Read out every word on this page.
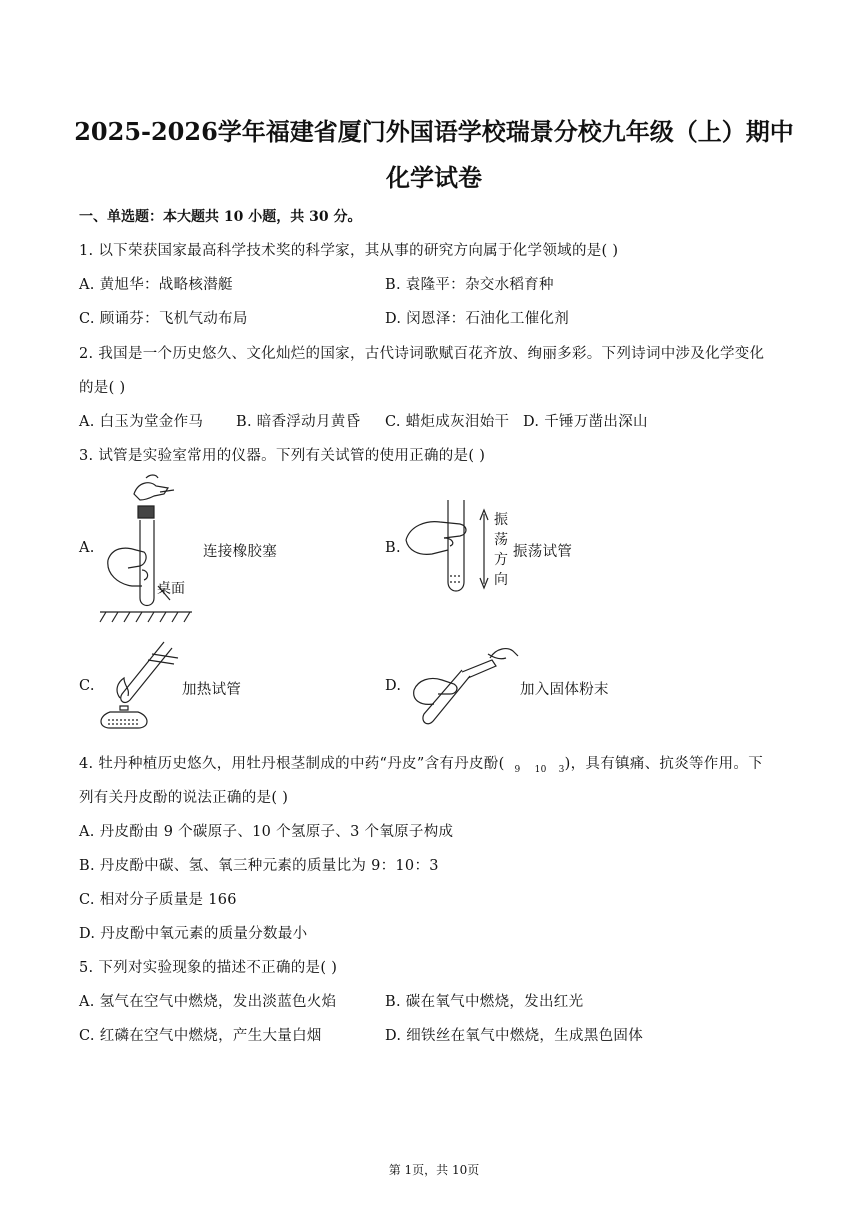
2025-2026学年福建省厦门外国语学校瑞景分校九年级（上）期中
化学试卷
一、单选题：本大题共 10 小题，共 30 分。
1. 以下荣获国家最高科学技术奖的科学家，其从事的研究方向属于化学领域的是( )
A. 黄旭华：战略核潜艇	B. 袁隆平：杂交水稻育种
C. 顾诵芬：飞机气动布局	D. 闵恩泽：石油化工催化剂
2. 我国是一个历史悠久、文化灿烂的国家，古代诗词歌赋百花齐放、绚丽多彩。下列诗词中涉及化学变化
的是( )
A. 白玉为堂金作马 B. 暗香浮动月黄昏 C. 蜡炬成灰泪始干 D. 千锤万凿出深山
3. 试管是实验室常用的仪器。下列有关试管的使用正确的是( )
A.
桌面
连接橡胶塞	B.
振
荡
方
向
振荡试管
C.	加热试管	D.	加入固体粉末
4. 牡丹种植历史悠久，用牡丹根茎制成的中药“丹皮”含有丹皮酚( $_9$ $_{10}$ $_3$)，具有镇痛、抗炎等作用。下
列有关丹皮酚的说法正确的是( )
A. 丹皮酚由 9 个碳原子、10 个氢原子、3 个氧原子构成
B. 丹皮酚中碳、氢、氧三种元素的质量比为 9：10：3
C. 相对分子质量是 166
D. 丹皮酚中氧元素的质量分数最小
5. 下列对实验现象的描述不正确的是( )
A. 氢气在空气中燃烧，发出淡蓝色火焰	B. 碳在氧气中燃烧，发出红光
C. 红磷在空气中燃烧，产生大量白烟	D. 细铁丝在氧气中燃烧，生成黑色固体
第 1页，共 10页
